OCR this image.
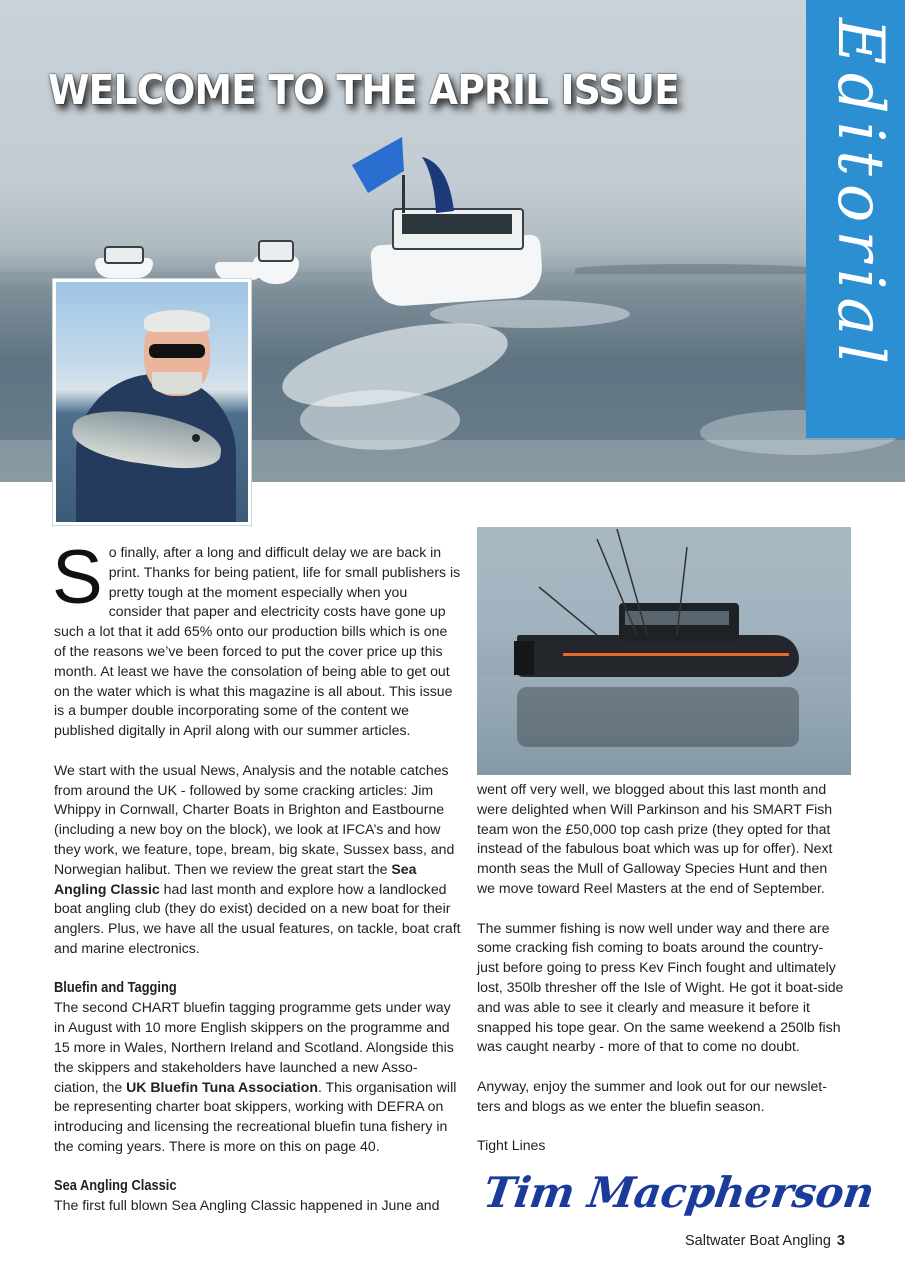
WELCOME TO THE APRIL ISSUE Editorial

So finally, after a long and difficult delay we are back in print. Thanks for being patient, life for small publishers is pretty tough at the moment especially when you consider that paper and electricity costs have gone up such a lot that it add 65% onto our production bills which is one of the reasons we’ve been forced to put the cover price up this month. At least we have the consolation of being able to get out on the water which is what this magazine is all about. This issue is a bumper double incorporating some of the content we published digitally in April along with our summer articles.

We start with the usual News, Analysis and the notable catches from around the UK - followed by some cracking articles: Jim Whippy in Cornwall, Charter Boats in Brighton and Eastbourne (including a new boy on the block), we look at IFCA’s and how they work, we feature, tope, bream, big skate, Sussex bass, and Norwegian halibut. Then we review the great start the Sea Angling Classic had last month and explore how a landlocked boat angling club (they do exist) decided on a new boat for their anglers. Plus, we have all the usual features, on tackle, boat craft and marine electronics.

Bluefin and Tagging

The second CHART bluefin tagging programme gets under way in August with 10 more English skippers on the programme and 15 more in Wales, Northern Ireland and Scotland. Alongside this the skippers and stakeholders have launched a new Asso-ciation, the UK Bluefin Tuna Association. This organisation will be representing charter boat skippers, working with DEFRA on introducing and licensing the recreational bluefin tuna fishery in the coming years. There is more on this on page 40.

Sea Angling Classic

The first full blown Sea Angling Classic happened in June and

went off very well, we blogged about this last month and were delighted when Will Parkinson and his SMART Fish team won the £50,000 top cash prize (they opted for that instead of the fabulous boat which was up for offer). Next month seas the Mull of Galloway Species Hunt and then we move toward Reel Masters at the end of September.

The summer fishing is now well under way and there are some cracking fish coming to boats around the country- just before going to press Kev Finch fought and ultimately lost, 350lb thresher off the Isle of Wight. He got it boat-side and was able to see it clearly and measure it before it snapped his tope gear. On the same weekend a 250lb fish was caught nearby - more of that to come no doubt.

Anyway, enjoy the summer and look out for our newslet-ters and blogs as we enter the bluefin season.

Tight Lines

Tim Macpherson
Saltwater Boat Angling 3
